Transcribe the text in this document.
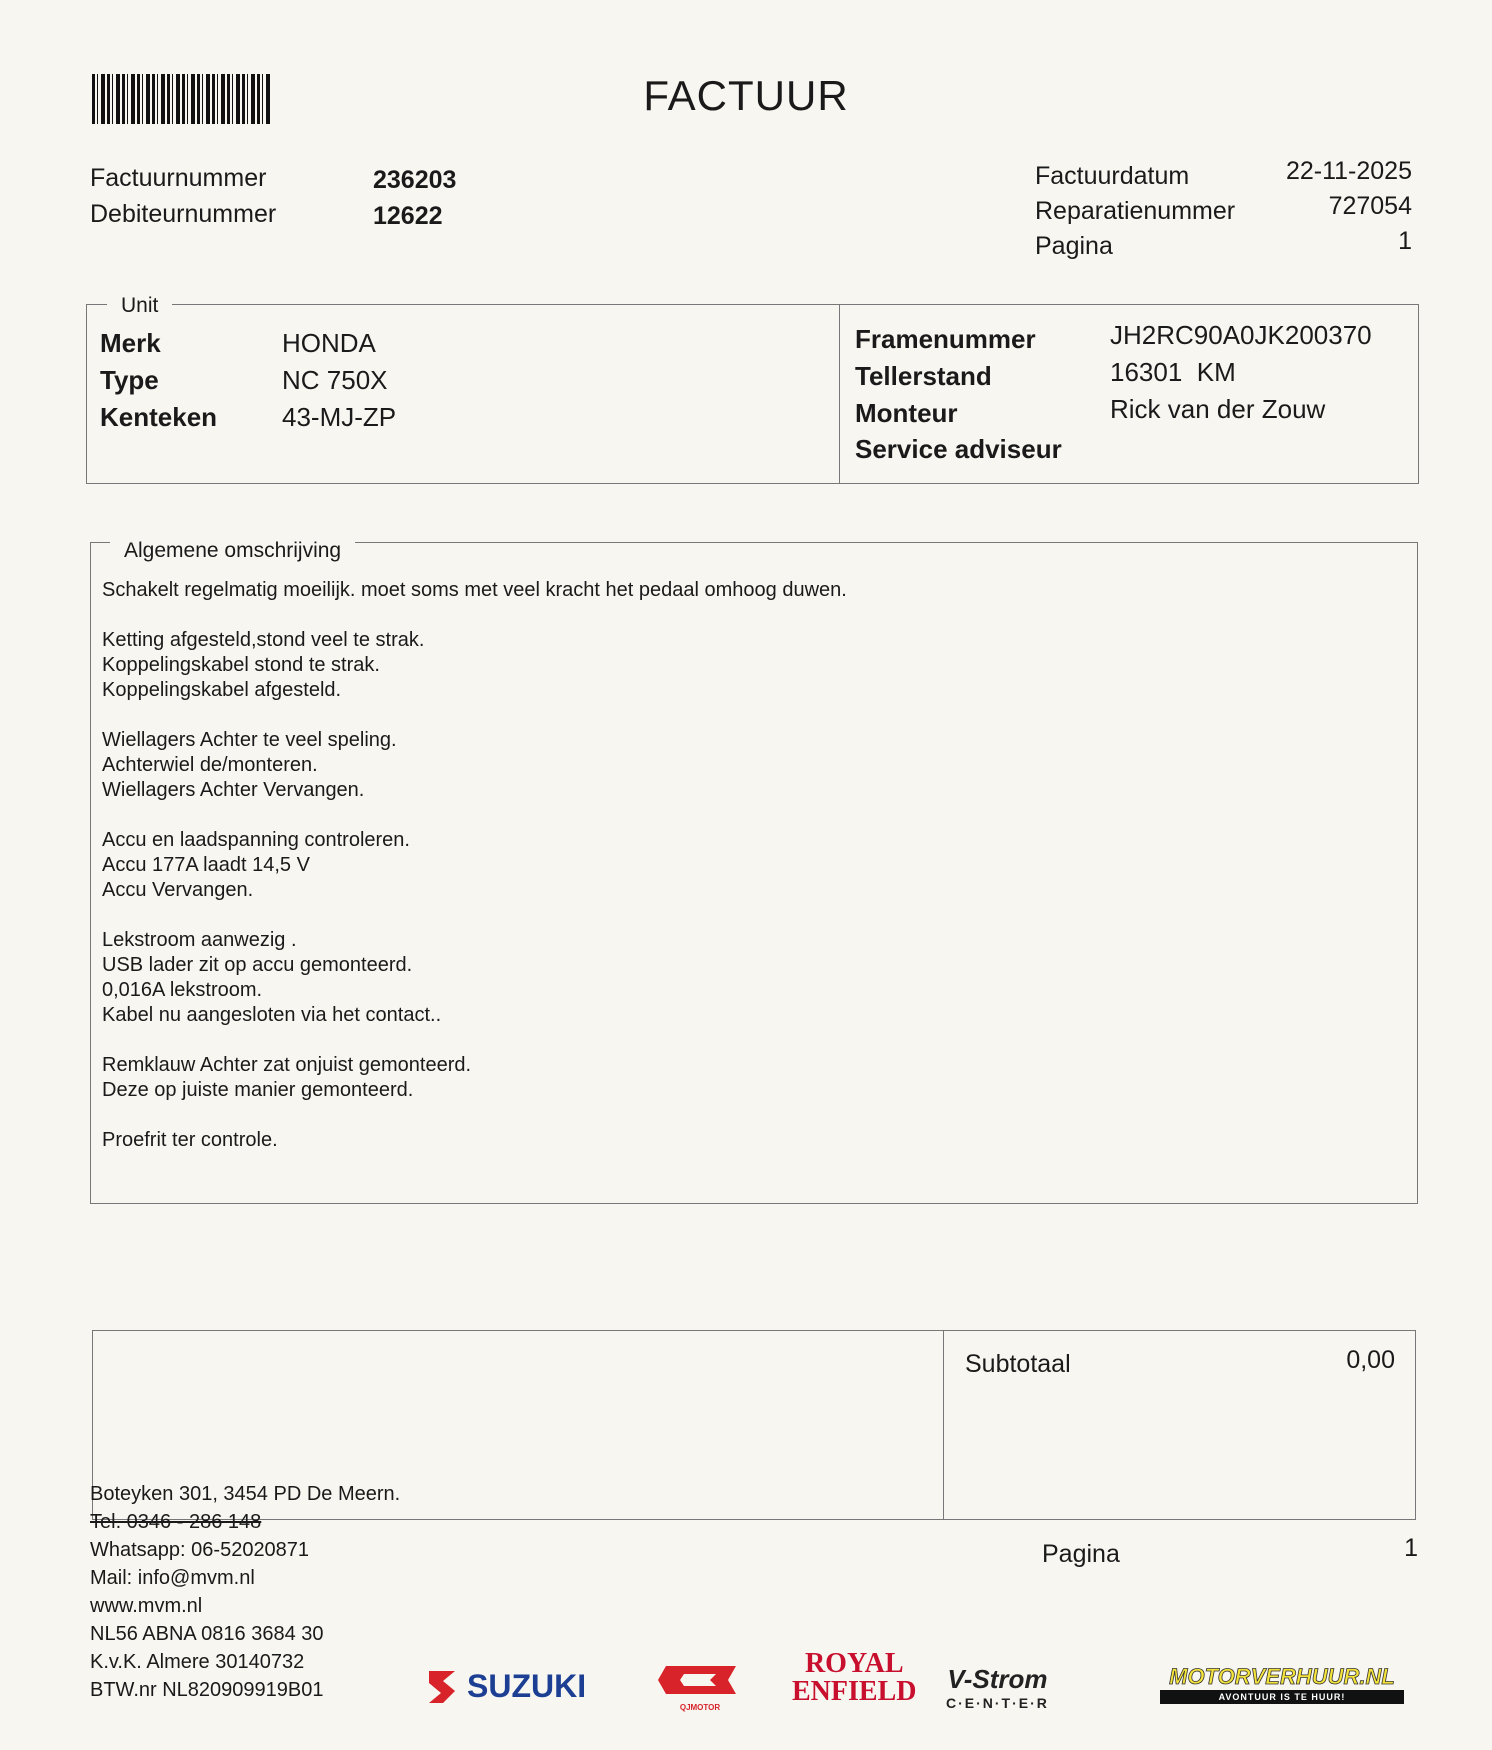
FACTUUR
Factuurnummer	236203
Debiteurnummer	12622
Factuurdatum	22-11-2025
Reparatienummer	727054
Pagina	1
Unit
Merk	HONDA
Type	NC 750X
Kenteken 43-MJ-ZP
Framenummer	JH2RC90A0JK200370
Tellerstand	16301  KM
Monteur	Rick van der Zouw
Service adviseur
Algemene omschrijving
Schakelt regelmatig moeilijk. moet soms met veel kracht het pedaal omhoog duwen.
Ketting afgesteld,stond veel te strak.
Koppelingskabel stond te strak.
Koppelingskabel afgesteld.
Wiellagers Achter te veel speling.
Achterwiel de/monteren.
Wiellagers Achter Vervangen.
Accu en laadspanning controleren.
Accu 177A laadt 14,5 V
Accu Vervangen.
Lekstroom aanwezig .
USB lader zit op accu gemonteerd.
0,016A lekstroom.
Kabel nu aangesloten via het contact..
Remklauw Achter zat onjuist gemonteerd.
Deze op juiste manier gemonteerd.
Proefrit ter controle.
Subtotaal	0,00
Pagina	1
Boteyken 301, 3454 PD De Meern.
Tel. 0346 - 286 148
Whatsapp: 06-52020871
Mail: info@mvm.nl
www.mvm.nl
NL56 ABNA 0816 3684 30
K.v.K. Almere 30140732
BTW.nr NL820909919B01	SUZUKI
QJMOTOR
ROYAL
ENFIELD V-Strom
C·E·N·T·E·R
MOTORVERHUUR.NL
AVONTUUR IS TE HUUR!
